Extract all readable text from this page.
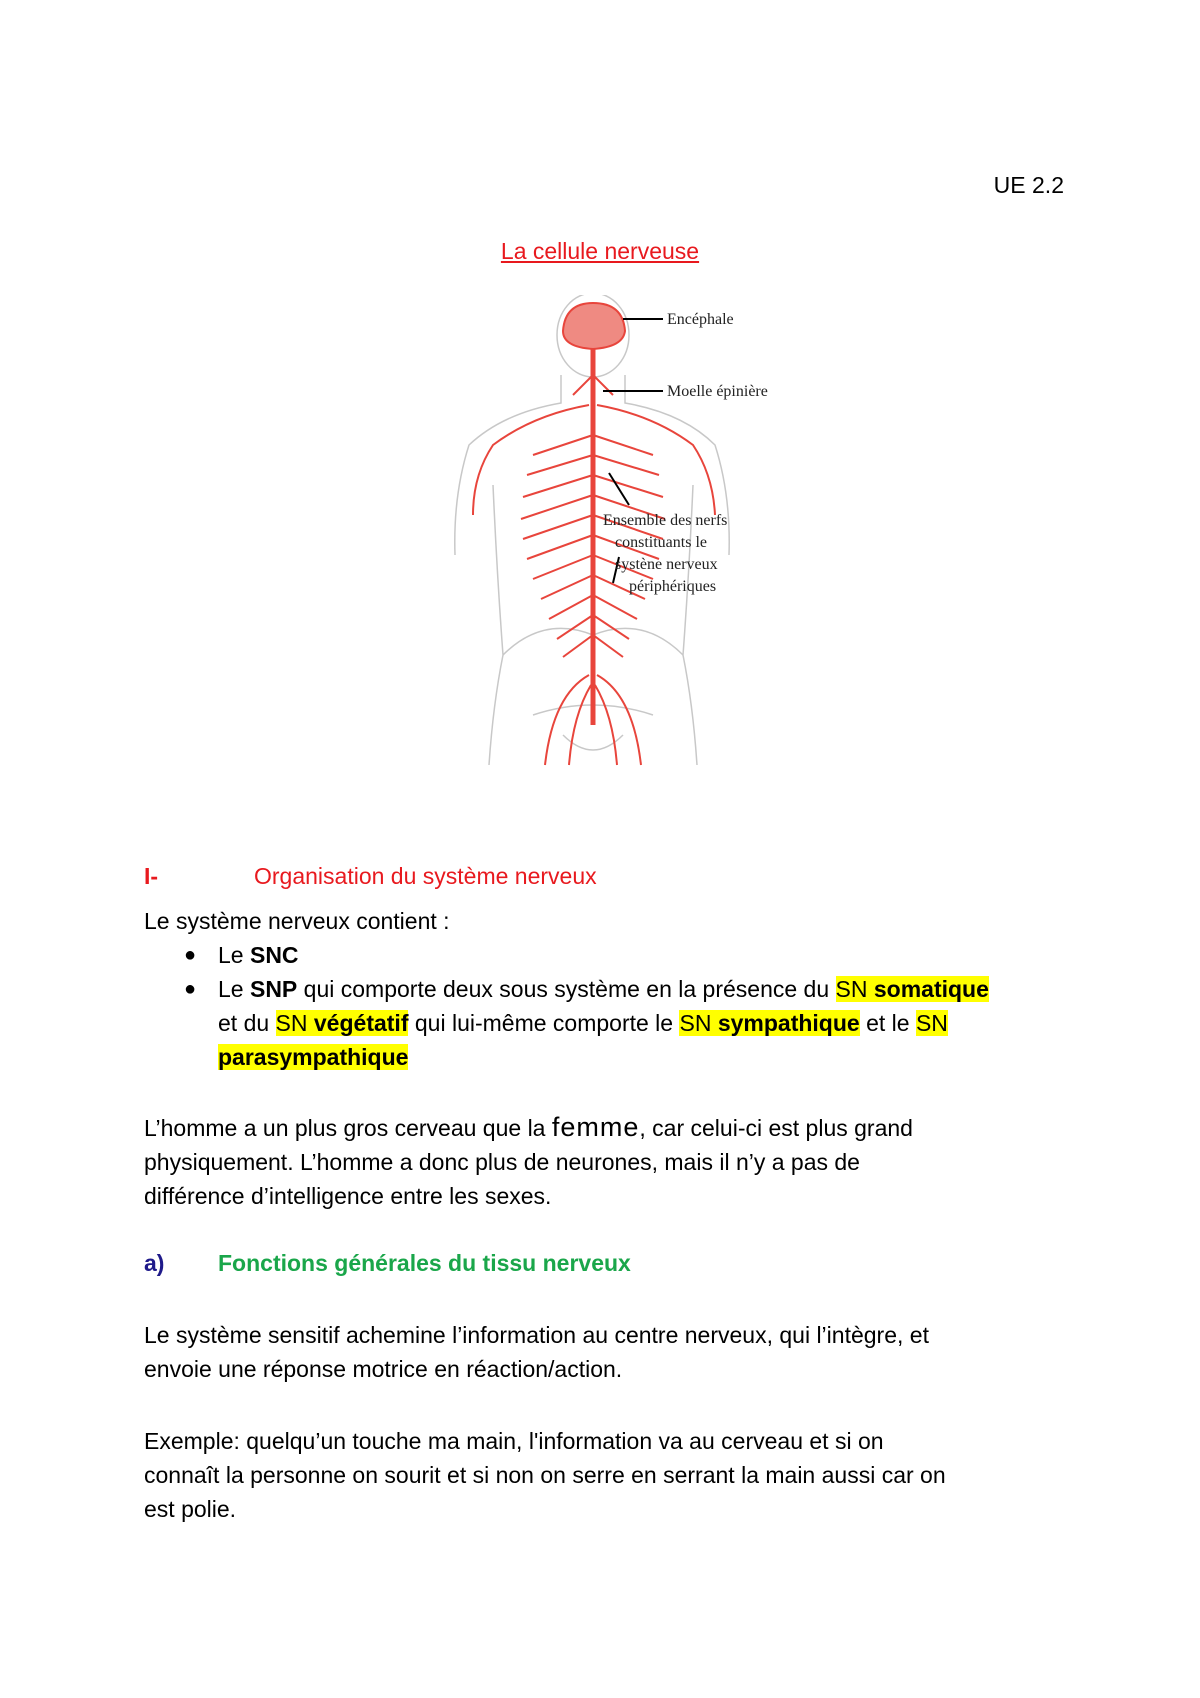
UE 2.2
La cellule nerveuse
Encéphale
Moelle épinière
Ensemble des nerfs
constituants le
systène nerveux
périphériques
I-	Organisation du système nerveux
Le système nerveux contient :
● Le SNC
● Le SNP qui comporte deux sous système en la présence du SN somatique
et du SN végétatif qui lui-même comporte le SN sympathique et le SN
parasympathique
L’homme a un plus gros cerveau que la femme, car celui-ci est plus grand
physiquement. L’homme a donc plus de neurones, mais il n’y a pas de
différence d’intelligence entre les sexes.
a) Fonctions générales du tissu nerveux
Le système sensitif achemine l’information au centre nerveux, qui l’intègre, et
envoie une réponse motrice en réaction/action.
Exemple: quelqu’un touche ma main, l'information va au cerveau et si on
connaît la personne on sourit et si non on serre en serrant la main aussi car on
est polie.
